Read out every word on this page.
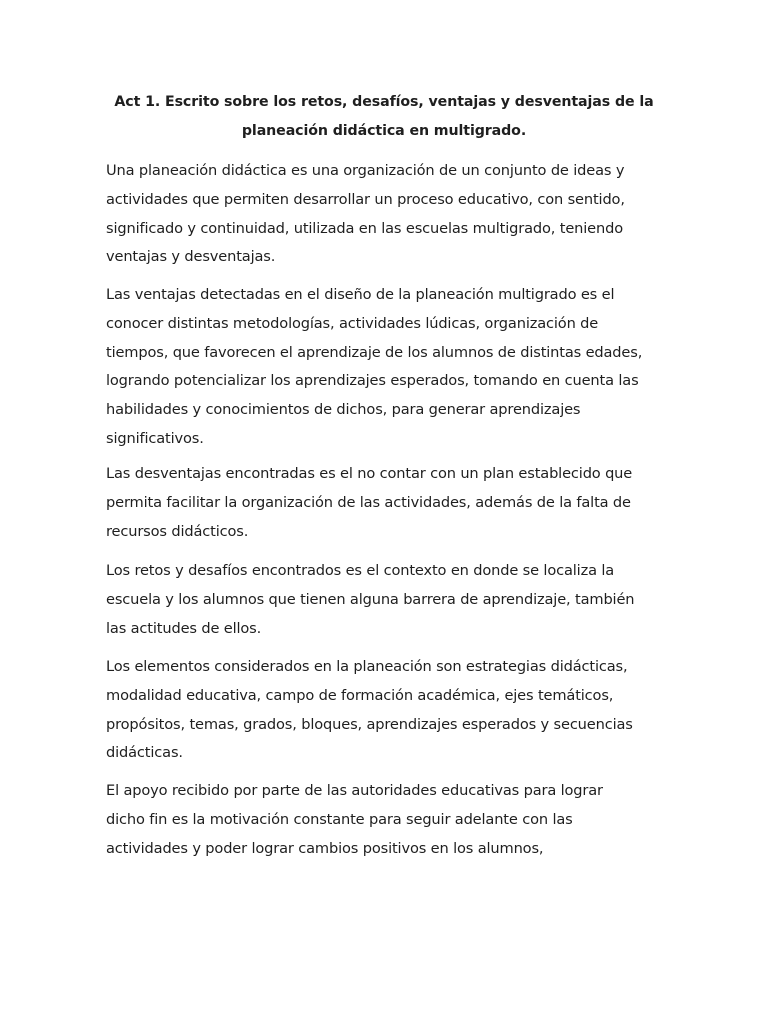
Act 1. Escrito sobre los retos, desafíos, ventajas y desventajas de la
planeación didáctica en multigrado.
Una planeación didáctica es una organización de un conjunto de ideas y
actividades que permiten desarrollar un proceso educativo, con sentido,
significado y continuidad, utilizada en las escuelas multigrado, teniendo
ventajas y desventajas.
Las ventajas detectadas en el diseño de la planeación multigrado es el
conocer distintas metodologías, actividades lúdicas, organización de
tiempos, que favorecen el aprendizaje de los alumnos de distintas edades,
logrando potencializar los aprendizajes esperados, tomando en cuenta las
habilidades y conocimientos de dichos, para generar aprendizajes
significativos.
Las desventajas encontradas es el no contar con un plan establecido que
permita facilitar la organización de las actividades, además de la falta de
recursos didácticos.
Los retos y desafíos encontrados es el contexto en donde se localiza la
escuela y los alumnos que tienen alguna barrera de aprendizaje, también
las actitudes de ellos.
Los elementos considerados en la planeación son estrategias didácticas,
modalidad educativa, campo de formación académica, ejes temáticos,
propósitos, temas, grados, bloques, aprendizajes esperados y secuencias
didácticas.
El apoyo recibido por parte de las autoridades educativas para lograr
dicho fin es la motivación constante para seguir adelante con las
actividades y poder lograr cambios positivos en los alumnos,
